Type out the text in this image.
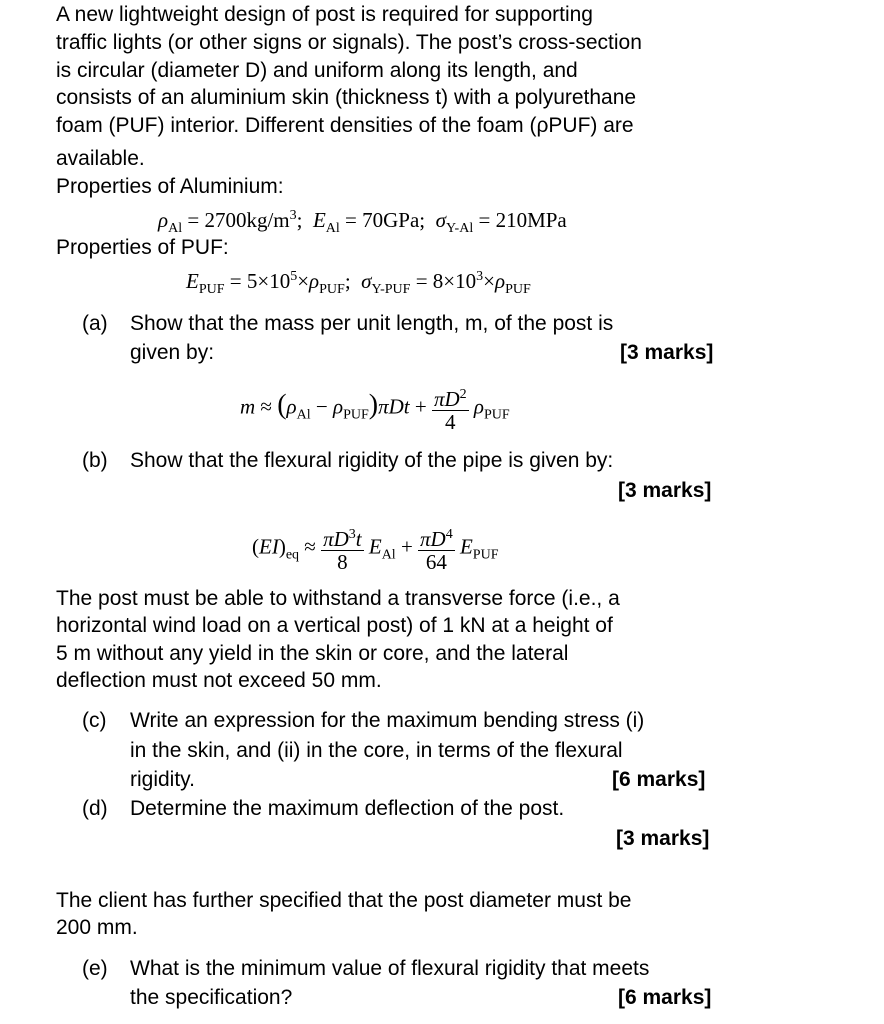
A new lightweight design of post is required for supporting
traffic lights (or other signs or signals). The post’s cross-section
is circular (diameter D) and uniform along its length, and
consists of an aluminium skin (thickness t) with a polyurethane
foam (PUF) interior. Different densities of the foam (ρPUF) are
available.
Properties of Aluminium:
$\rho_{Al} = 2700kg/m^3$;  $E_{Al} = 70GPa$;  $\sigma_{Y-Al} = 210MPa$
Properties of PUF:
$E_{PUF} = 5\times 10^5\times\rho_{PUF}$;  $\sigma_{Y-PUF} = 8\times 10^3\times\rho_{PUF}$
(a) Show that the mass per unit length, m, of the post is
given by:	[3 marks]
$m \approx (\rho_{Al} - \rho_{PUF})\pi Dt + \frac{\pi D^2}{4} \rho_{PUF}$
(b) Show that the flexural rigidity of the pipe is given by:
[3 marks]
$(EI)_{eq} \approx \frac{\pi D^3t}{8} E_{Al} + \frac{\pi D^4}{64} E_{PUF}$
The post must be able to withstand a transverse force (i.e., a
horizontal wind load on a vertical post) of 1 kN at a height of
5 m without any yield in the skin or core, and the lateral
deflection must not exceed 50 mm.
(c) Write an expression for the maximum bending stress (i)
in the skin, and (ii) in the core, in terms of the flexural
rigidity.	[6 marks]
(d) Determine the maximum deflection of the post.
[3 marks]
The client has further specified that the post diameter must be
200 mm.
(e) What is the minimum value of flexural rigidity that meets
the specification?	[6 marks]
